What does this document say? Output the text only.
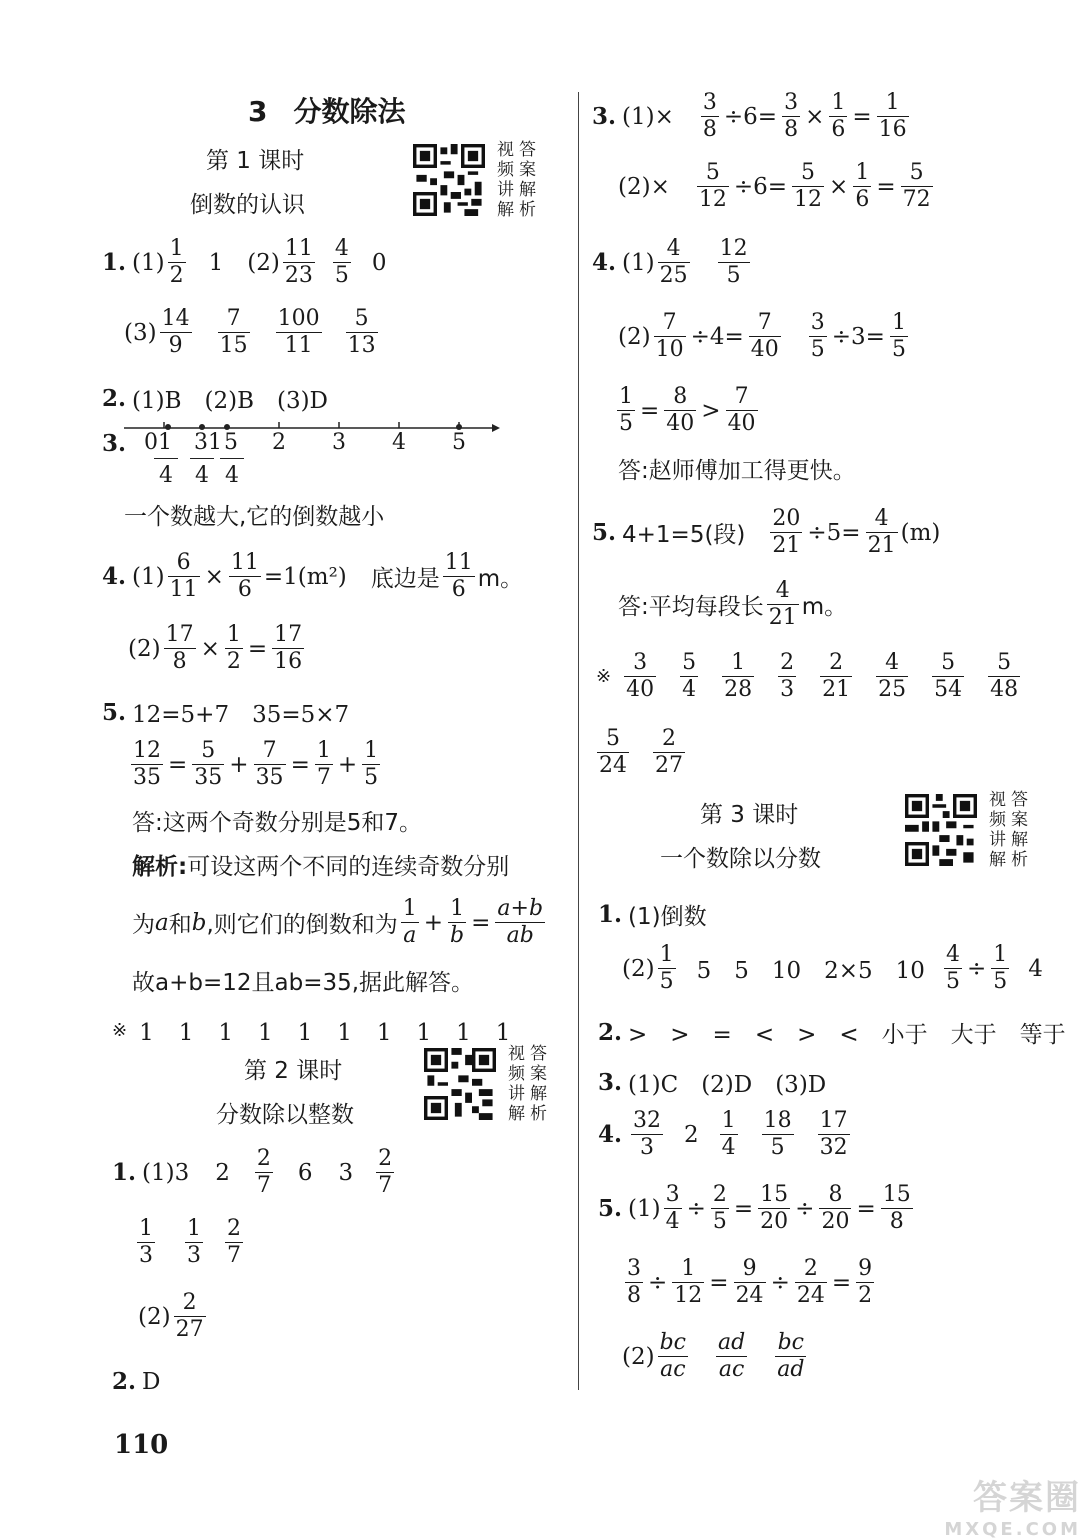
3 分数除法
第 1 课时
倒数的认识
视 答
频 案
讲 解
解 析
1. $(1) \frac{1}{2} 1$ $(2) \frac{11}{23} \frac{4}{5} 0$
$(3) \frac{14}{9} \frac{7}{15} \frac{100}{11} \frac{5}{13}$
2. (1)B　(2)B　(3)D
3. 0 1 3 1 5 2 3 4 5
4 4 4
一个数越大,它的倒数越小
4. $(1) \frac{6}{11} \times \frac{11}{6} =1(m^2)$ 底边是 $\frac{11}{6}$ m。
$(2) \frac{17}{8} \times \frac{1}{2} = \frac{17}{16}$
5. 12=5+7　35=5×7
$\frac{12}{35} = \frac{5}{35} + \frac{7}{35} = \frac{1}{7} + \frac{1}{5}$
答:这两个奇数分别是5和7。
解析:可设这两个不同的连续奇数分别
为 a 和 b ,则它们的倒数和为 $\frac{1}{a} + \frac{1}{b} = \frac{a+b}{ab}$
故a+b=12且ab=35,据此解答。
※ 1　1　1　1　1　1　1　1　1　1
第 2 课时
分数除以整数
视 答
频 案
讲 解
解 析
1. (1) 3 $2 \frac{2}{7} 6$ $3 \frac{2}{7}$
$\frac{1}{3} \frac{1}{3} \frac{2}{7}$
$(2) \frac{2}{27}$
2. D
3. $(1)\times \frac{3}{8} \div 6= \frac{3}{8} \times \frac{1}{6} = \frac{1}{16}$
$(2)\times \frac{5}{12} \div 6= \frac{5}{12} \times \frac{1}{6} = \frac{5}{72}$
4. $(1) \frac{4}{25} \frac{12}{5}$
$(2) \frac{7}{10} \div 4= \frac{7}{40} \frac{3}{5} \div 3= \frac{1}{5}$
$\frac{1}{5} = \frac{8}{40} > \frac{7}{40}$
答:赵师傅加工得更快。
5. 4+1=5(段) $\frac{20}{21} \div 5= \frac{4}{21} (m)$
答:平均每段长 $\frac{4}{21}$ m。
※ $\frac{3}{40} \frac{5}{4} \frac{1}{28} \frac{2}{3} \frac{2}{21} \frac{4}{25} \frac{5}{54} \frac{5}{48}$
$\frac{5}{24} \frac{2}{27}$
第 3 课时
一个数除以分数
视 答
频 案
讲 解
解 析
1. (1)倒数
$(2) \frac{1}{5} 5$　5　10　2×5　$10 \frac{4}{5} \div \frac{1}{5} 4$
2. >　>　=　<　>　<　小于　大于　等于
3. (1)C　(2)D　(3)D
4. $\frac{32}{3} 2 \frac{1}{4} \frac{18}{5} \frac{17}{32}$
5. $(1) \frac{3}{4} \div \frac{2}{5} = \frac{15}{20} \div \frac{8}{20} = \frac{15}{8}$
$\frac{3}{8} \div \frac{1}{12} = \frac{9}{24} \div \frac{2}{24} = \frac{9}{2}$
$(2) \frac{bc}{ac} \frac{ad}{ac} \frac{bc}{ad}$
110
答案圈
MXQE.COM
